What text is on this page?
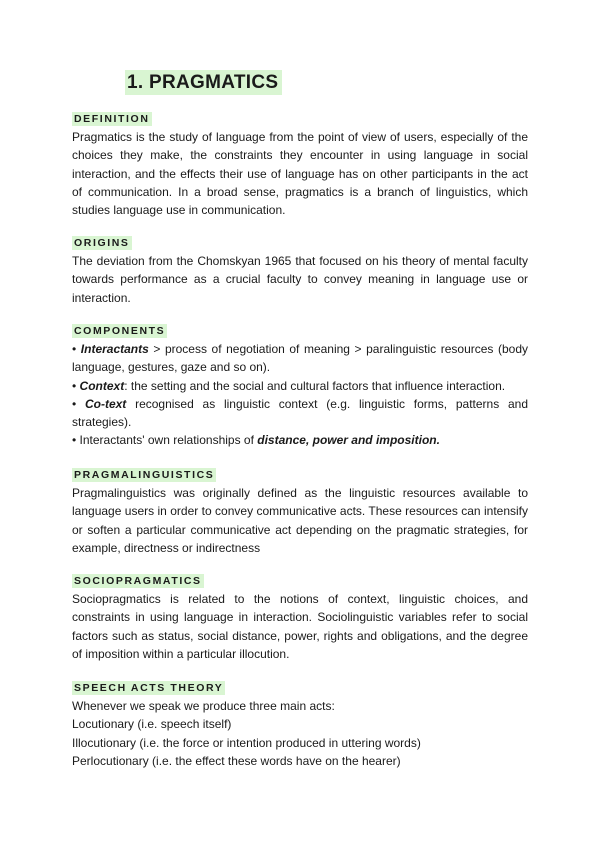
1. PRAGMATICS
DEFINITION

Pragmatics is the study of language from the point of view of users, especially of the choices they make, the constraints they encounter in using language in social interaction, and the effects their use of language has on other participants in the act of communication. In a broad sense, pragmatics is a branch of linguistics, which studies language use in communication.

ORIGINS

The deviation from the Chomskyan 1965 that focused on his theory of mental faculty towards performance as a crucial faculty to convey meaning in language use or interaction.

COMPONENTS

• Interactants > process of negotiation of meaning > paralinguistic resources (body language, gestures, gaze and so on).

• Context: the setting and the social and cultural factors that influence interaction.

• Co-text recognised as linguistic context (e.g. linguistic forms, patterns and strategies).

• Interactants' own relationships of distance, power and imposition.

PRAGMALINGUISTICS

Pragmalinguistics was originally defined as the linguistic resources available to language users in order to convey communicative acts. These resources can intensify or soften a particular communicative act depending on the pragmatic strategies, for example, directness or indirectness

SOCIOPRAGMATICS

Sociopragmatics is related to the notions of context, linguistic choices, and constraints in using language in interaction. Sociolinguistic variables refer to social factors such as status, social distance, power, rights and obligations, and the degree of imposition within a particular illocution.

SPEECH ACTS THEORY

Whenever we speak we produce three main acts:

Locutionary (i.e. speech itself)

Illocutionary (i.e. the force or intention produced in uttering words)

Perlocutionary (i.e. the effect these words have on the hearer)
